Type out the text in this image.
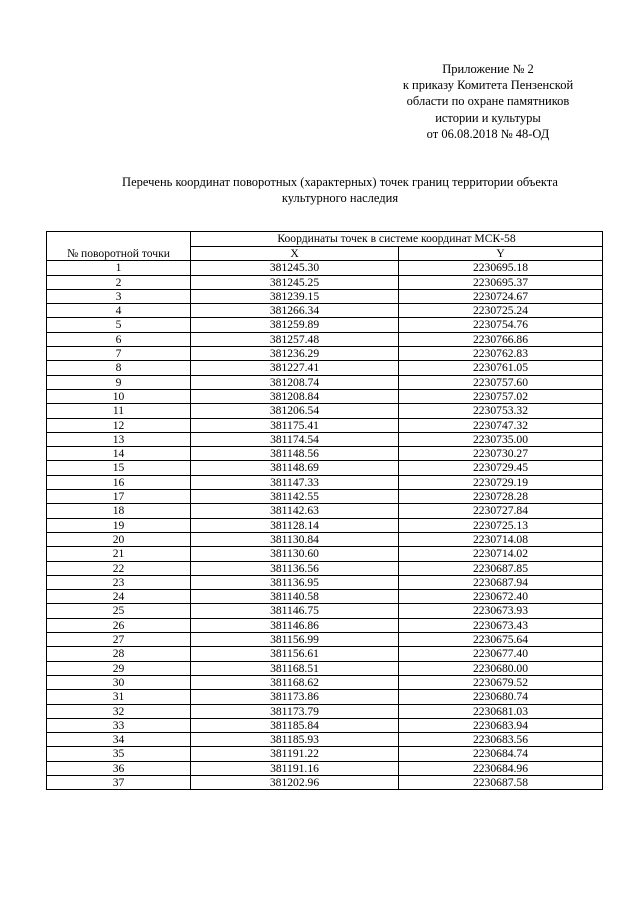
Приложение № 2
к приказу Комитета Пензенской
области по охране памятников
истории и культуры
от 06.08.2018 № 48-ОД
Перечень координат поворотных (характерных) точек границ территории объекта
культурного наследия
№ поворотной точки	Координаты точек в системе координат МСК-58	
	X	Y
1	381245.30	2230695.18
2	381245.25	2230695.37
3	381239.15	2230724.67
4	381266.34	2230725.24
5	381259.89	2230754.76
6	381257.48	2230766.86
7	381236.29	2230762.83
8	381227.41	2230761.05
9	381208.74	2230757.60
10	381208.84	2230757.02
11	381206.54	2230753.32
12	381175.41	2230747.32
13	381174.54	2230735.00
14	381148.56	2230730.27
15	381148.69	2230729.45
16	381147.33	2230729.19
17	381142.55	2230728.28
18	381142.63	2230727.84
19	381128.14	2230725.13
20	381130.84	2230714.08
21	381130.60	2230714.02
22	381136.56	2230687.85
23	381136.95	2230687.94
24	381140.58	2230672.40
25	381146.75	2230673.93
26	381146.86	2230673.43
27	381156.99	2230675.64
28	381156.61	2230677.40
29	381168.51	2230680.00
30	381168.62	2230679.52
31	381173.86	2230680.74
32	381173.79	2230681.03
33	381185.84	2230683.94
34	381185.93	2230683.56
35	381191.22	2230684.74
36	381191.16	2230684.96
37	381202.96	2230687.58
